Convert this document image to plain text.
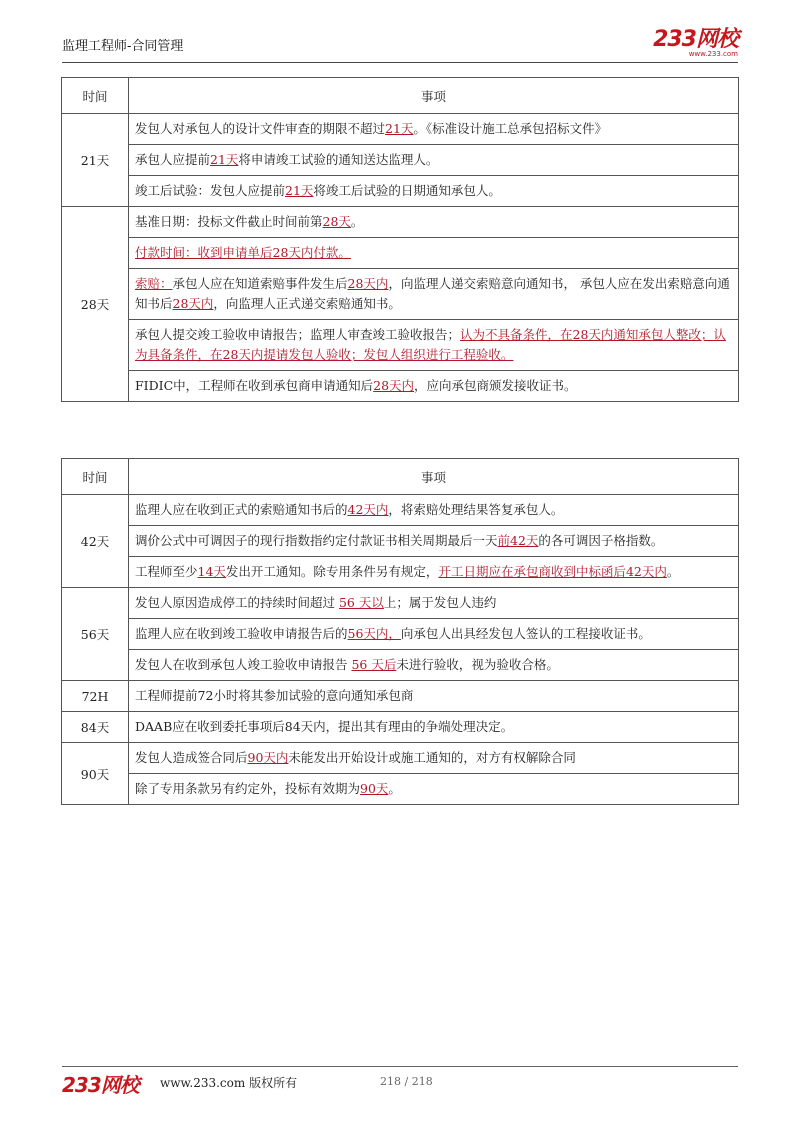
监理工程师-合同管理	233网校
www.233.com
时间	事项
21天	发包人对承包人的设计文件审查的期限不超过21天。《标准设计施工总承包招标文件》
	承包人应提前21天将申请竣工试验的通知送达监理人。
	竣工后试验：发包人应提前21天将竣工后试验的日期通知承包人。
28天	基准日期：投标文件截止时间前第28天。
	付款时间：收到申请单后28天内付款。
	索赔：承包人应在知道索赔事件发生后28天内，向监理人递交索赔意向通知书， 承包人应在发出索赔意向通知书后28天内，向监理人正式递交索赔通知书。
	承包人提交竣工验收申请报告；监理人审查竣工验收报告；认为不具备条件，在28天内通知承包人整改；认为具备条件，在28天内提请发包人验收；发包人组织进行工程验收。
	FIDIC中，工程师在收到承包商申请通知后28天内，应向承包商颁发接收证书。
时间	事项
42天	监理人应在收到正式的索赔通知书后的42天内，将索赔处理结果答复承包人。
	调价公式中可调因子的现行指数指约定付款证书相关周期最后一天前42天的各可调因子格指数。
	工程师至少14天发出开工通知。除专用条件另有规定，开工日期应在承包商收到中标函后42天内。
56天	发包人原因造成停工的持续时间超过 56 天以上；属于发包人违约
	监理人应在收到竣工验收申请报告后的56天内，向承包人出具经发包人签认的工程接收证书。
	发包人在收到承包人竣工验收申请报告 56 天后未进行验收，视为验收合格。
72H	工程师提前72小时将其参加试验的意向通知承包商
84天	DAAB应在收到委托事项后84天内，提出其有理由的争端处理决定。
90天	发包人造成签合同后90天内未能发出开始设计或施工通知的，对方有权解除合同
	除了专用条款另有约定外，投标有效期为90天。
233网校 www.233.com 版权所有	218 / 218
